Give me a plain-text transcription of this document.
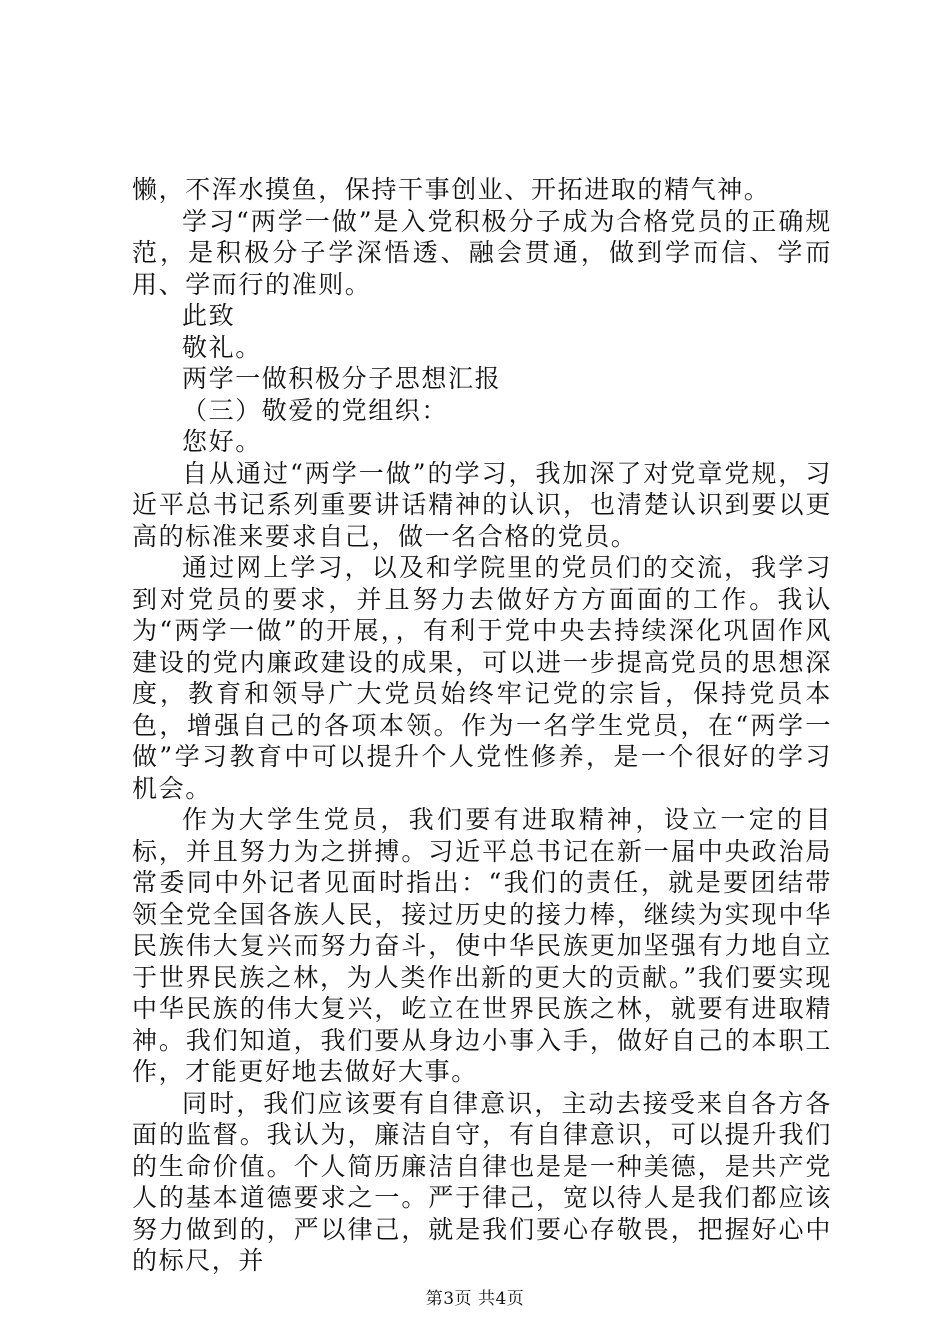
懒，不浑水摸鱼，保持干事创业、开拓进取的精气神。

学习“两学一做”是入党积极分子成为合格党员的正确规范，是积极分子学深悟透、融会贯通，做到学而信、学而用、学而行的准则。

此致

敬礼。

两学一做积极分子思想汇报

（三）敬爱的党组织：

您好。

自从通过“两学一做”的学习，我加深了对党章党规，习近平总书记系列重要讲话精神的认识，也清楚认识到要以更高的标准来要求自己，做一名合格的党员。

通过网上学习，以及和学院里的党员们的交流，我学习到对党员的要求，并且努力去做好方方面面的工作。我认为“两学一做”的开展，，有利于党中央去持续深化巩固作风建设的党内廉政建设的成果，可以进一步提高党员的思想深度，教育和领导广大党员始终牢记党的宗旨，保持党员本色，增强自己的各项本领。作为一名学生党员，在“两学一做”学习教育中可以提升个人党性修养，是一个很好的学习机会。

作为大学生党员，我们要有进取精神，设立一定的目标，并且努力为之拼搏。习近平总书记在新一届中央政治局常委同中外记者见面时指出：“我们的责任，就是要团结带领全党全国各族人民，接过历史的接力棒，继续为实现中华民族伟大复兴而努力奋斗，使中华民族更加坚强有力地自立于世界民族之林，为人类作出新的更大的贡献。”我们要实现中华民族的伟大复兴，屹立在世界民族之林，就要有进取精神。我们知道，我们要从身边小事入手，做好自己的本职工作，才能更好地去做好大事。

同时，我们应该要有自律意识，主动去接受来自各方各面的监督。我认为，廉洁自守，有自律意识，可以提升我们的生命价值。个人简历廉洁自律也是是一种美德，是共产党人的基本道德要求之一。严于律己，宽以待人是我们都应该努力做到的，严以律己，就是我们要心存敬畏，把握好心中的标尺，并

第3页 共4页
